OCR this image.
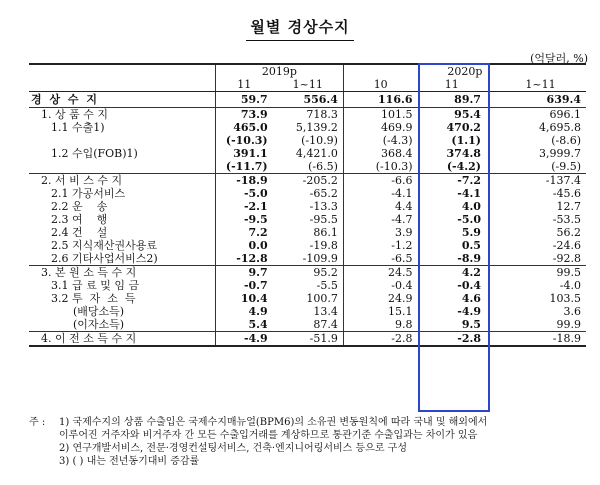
월별 경상수지
(억달러, %)
	2019p		2020p			
	11	1~11	10	11		1~11
경 상 수 지	59.7	556.4	116.6	89.7		639.4
1. 상 품 수 지	73.9	718.3	101.5	95.4		696.1
1.1 수출1)	465.0	5,139.2	469.9	470.2		4,695.8
	(-10.3)	(-10.9)	(-4.3)	(1.1)		(-8.6)
1.2 수입(FOB)1)	391.1	4,421.0	368.4	374.8		3,999.7
	(-11.7)	(-6.5)	(-10.3)	(-4.2)		(-9.5)
2. 서 비 스 수 지	-18.9	-205.2	-6.6	-7.2		-137.4
2.1 가공서비스	-5.0	-65.2	-4.1	-4.1		-45.6
2.2 운    송	-2.1	-13.3	4.4	4.0		12.7
2.3 여    행	-9.5	-95.5	-4.7	-5.0		-53.5
2.4 건    설	7.2	86.1	3.9	5.9		56.2
2.5 지식재산권사용료	0.0	-19.8	-1.2	0.5		-24.6
2.6 기타사업서비스2)	-12.8	-109.9	-6.5	-8.9		-92.8
3. 본 원 소 득 수 지	9.7	95.2	24.5	4.2		99.5
3.1 급 료 및 임 금	-0.7	-5.5	-0.4	-0.4		-4.0
3.2 투  자  소  득	10.4	100.7	24.9	4.6		103.5
(배당소득)	4.9	13.4	15.1	-4.9		3.6
(이자소득)	5.4	87.4	9.8	9.5		99.9
4. 이 전 소 득 수 지	-4.9	-51.9	-2.8	-2.8		-18.9
주 :	1) 국제수지의 상품 수출입은 국제수지매뉴얼(BPM6)의 소유권 변동원칙에 따라 국내 및 해외에서
이루어진 거주자와 비거주자 간 모든 수출입거래를 계상하므로 통관기준 수출입과는 차이가 있음
2) 연구개발서비스, 전문·경영컨설팅서비스, 건축·엔지니어링서비스 등으로 구성
3) ( ) 내는 전년동기대비 증감률
